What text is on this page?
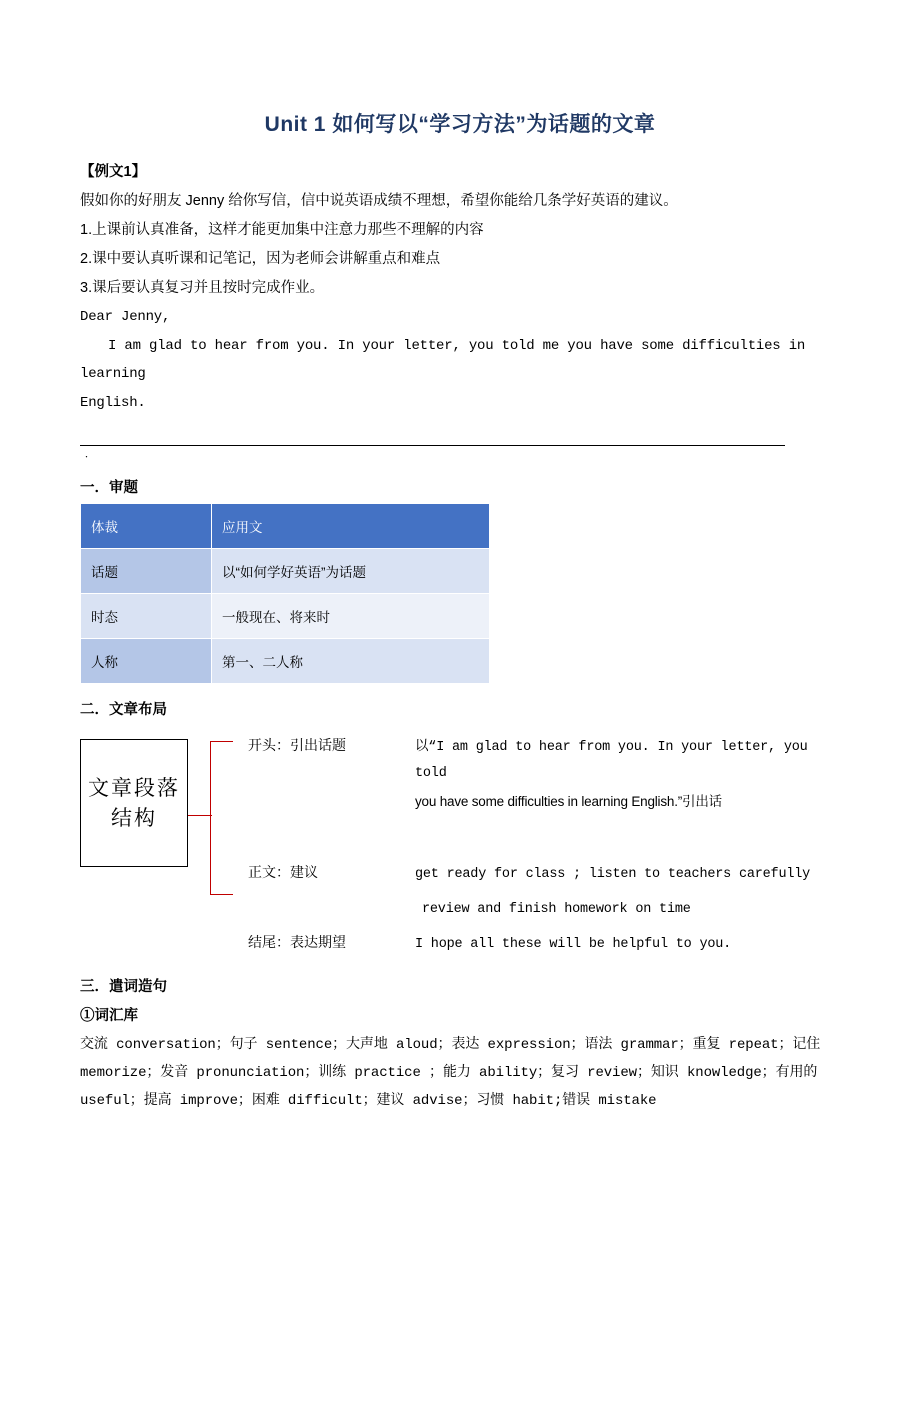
Unit 1 如何写以“学习方法”为话题的文章
【例文1】

假如你的好朋友 Jenny 给你写信，信中说英语成绩不理想，希望你能给几条学好英语的建议。

1.上课前认真准备，这样才能更加集中注意力那些不理解的内容

2.课中要认真听课和记笔记，因为老师会讲解重点和难点

3.课后要认真复习并且按时完成作业。

Dear Jenny,

I am glad to hear from you. In your letter, you told me you have some difficulties in learning

English.

﹒

一．审题
体裁	应用文
话题	以“如何学好英语”为话题
时态	一般现在、将来时
人称	第一、二人称
二．文章布局
文章段落结构
开头：引出话题	以“I am glad to hear from you. In your letter, you told
you have some difficulties in learning English.”引出话
正文：建议	get ready for class ; listen to teachers carefully
review and finish homework on time
结尾：表达期望	I hope all these will be helpful to you.
三．遣词造句
①词汇库

交流 conversation；句子 sentence；大声地 aloud；表达 expression；语法 grammar；重复 repeat；记住

memorize；发音 pronunciation；训练 practice ；能力 ability；复习 review；知识 knowledge；有用的

useful；提高 improve；困难 difficult；建议 advise；习惯 habit;错误 mistake
